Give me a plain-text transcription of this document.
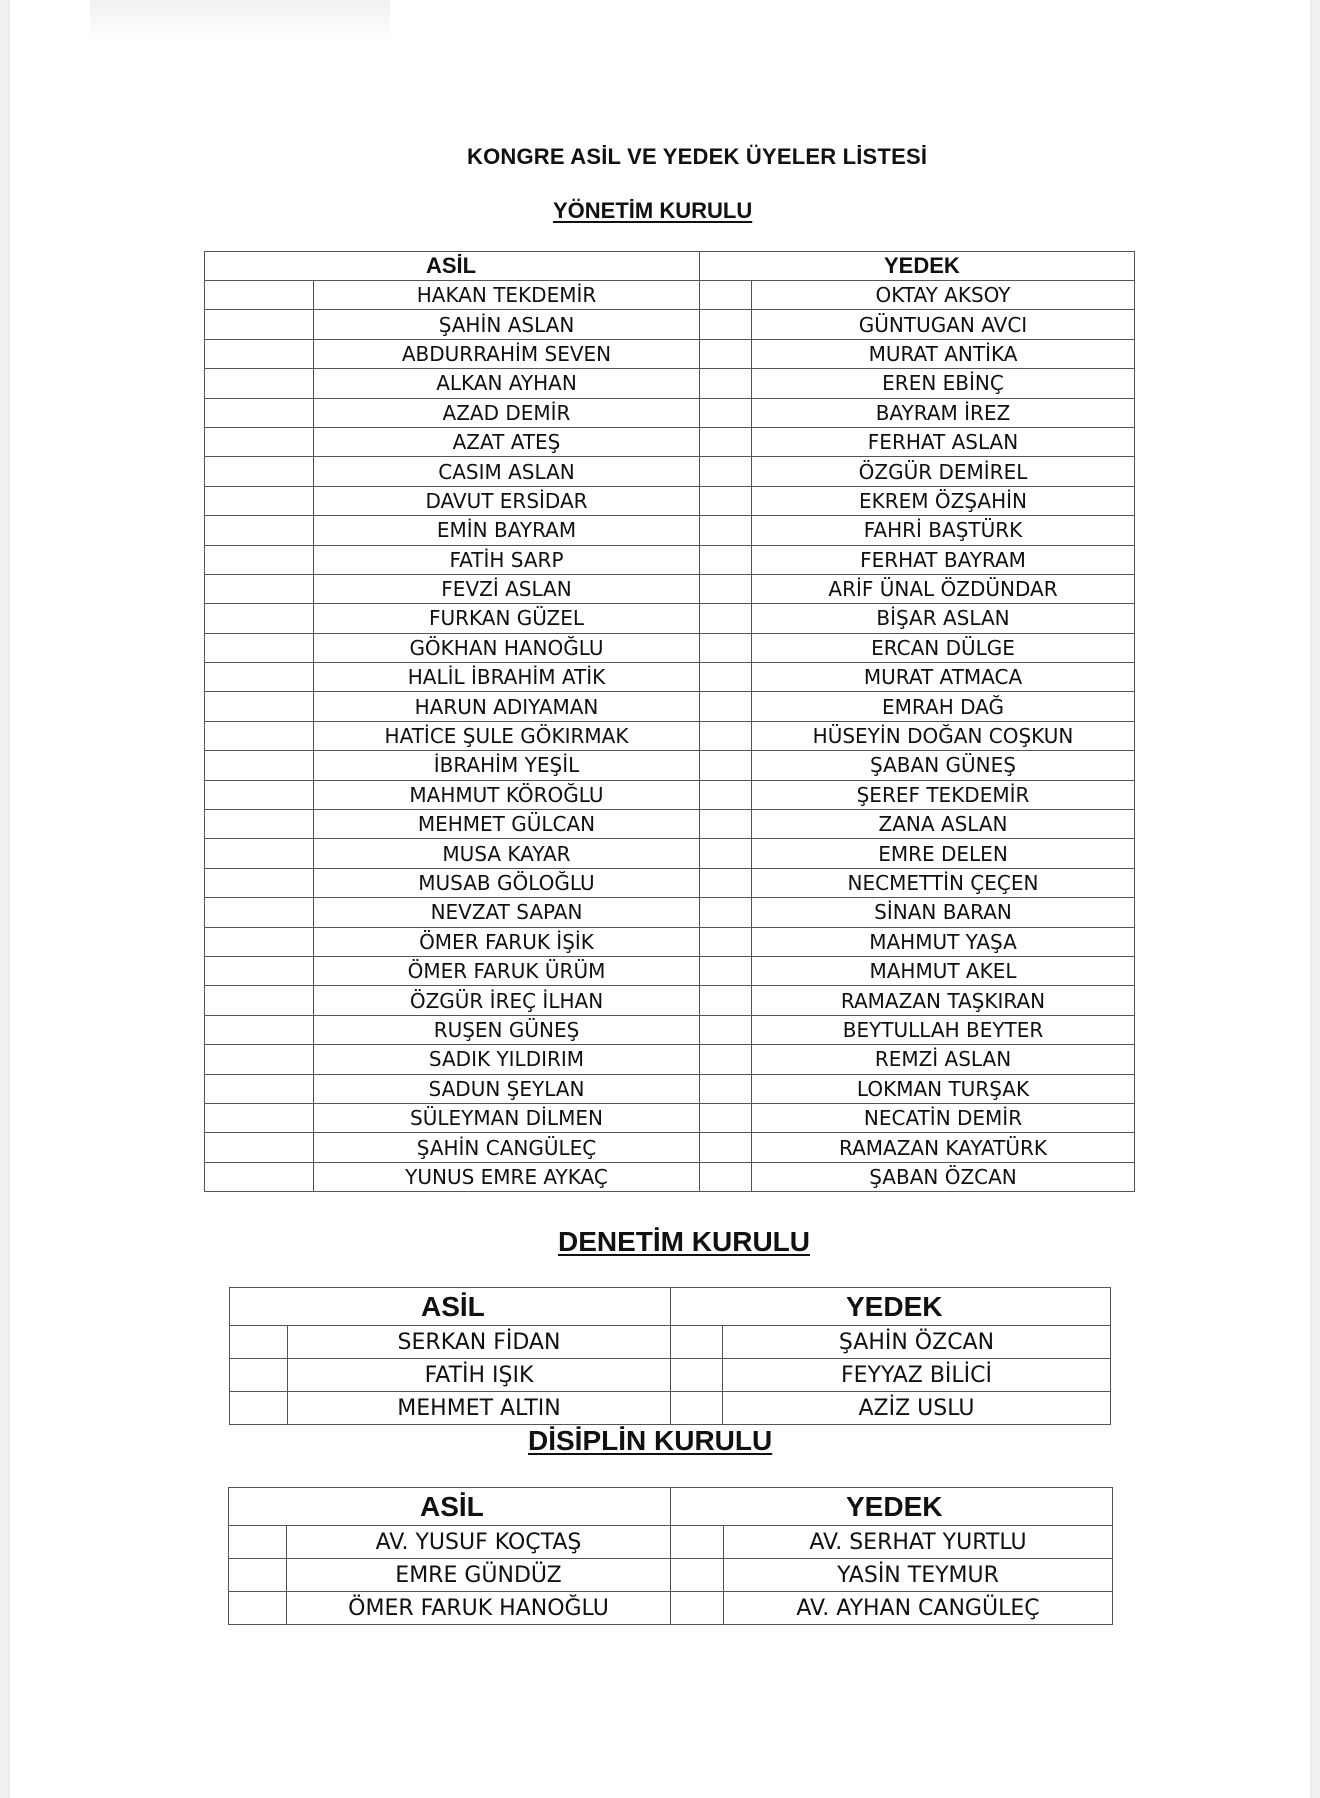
KONGRE ASİL VE YEDEK ÜYELER LİSTESİ
YÖNETİM KURULU
ASİL		YEDEK	
	HAKAN TEKDEMİR		OKTAY AKSOY
	ŞAHİN ASLAN		GÜNTUGAN AVCI
	ABDURRAHİM SEVEN		MURAT ANTİKA
	ALKAN AYHAN		EREN EBİNÇ
	AZAD DEMİR		BAYRAM İREZ
	AZAT ATEŞ		FERHAT ASLAN
	CASIM ASLAN		ÖZGÜR DEMİREL
	DAVUT ERSİDAR		EKREM ÖZŞAHİN
	EMİN BAYRAM		FAHRİ BAŞTÜRK
	FATİH SARP		FERHAT BAYRAM
	FEVZİ ASLAN		ARİF ÜNAL ÖZDÜNDAR
	FURKAN GÜZEL		BİŞAR ASLAN
	GÖKHAN HANOĞLU		ERCAN DÜLGE
	HALİL İBRAHİM ATİK		MURAT ATMACA
	HARUN ADIYAMAN		EMRAH DAĞ
	HATİCE ŞULE GÖKIRMAK		HÜSEYİN DOĞAN COŞKUN
	İBRAHİM YEŞİL		ŞABAN GÜNEŞ
	MAHMUT KÖROĞLU		ŞEREF TEKDEMİR
	MEHMET GÜLCAN		ZANA ASLAN
	MUSA KAYAR		EMRE DELEN
	MUSAB GÖLOĞLU		NECMETTİN ÇEÇEN
	NEVZAT SAPAN		SİNAN BARAN
	ÖMER FARUK İŞİK		MAHMUT YAŞA
	ÖMER FARUK ÜRÜM		MAHMUT AKEL
	ÖZGÜR İREÇ İLHAN		RAMAZAN TAŞKIRAN
	RUŞEN GÜNEŞ		BEYTULLAH BEYTER
	SADIK YILDIRIM		REMZİ ASLAN
	SADUN ŞEYLAN		LOKMAN TURŞAK
	SÜLEYMAN DİLMEN		NECATİN DEMİR
	ŞAHİN CANGÜLEÇ		RAMAZAN KAYATÜRK
	YUNUS EMRE AYKAÇ		ŞABAN ÖZCAN
DENETİM KURULU
ASİL		YEDEK	
	SERKAN FİDAN		ŞAHİN ÖZCAN
	FATİH IŞIK		FEYYAZ BİLİCİ
	MEHMET ALTIN		AZİZ USLU
DİSİPLİN KURULU
ASİL		YEDEK	
	AV. YUSUF KOÇTAŞ		AV. SERHAT YURTLU
	EMRE GÜNDÜZ		YASİN TEYMUR
	ÖMER FARUK HANOĞLU		AV. AYHAN CANGÜLEÇ
